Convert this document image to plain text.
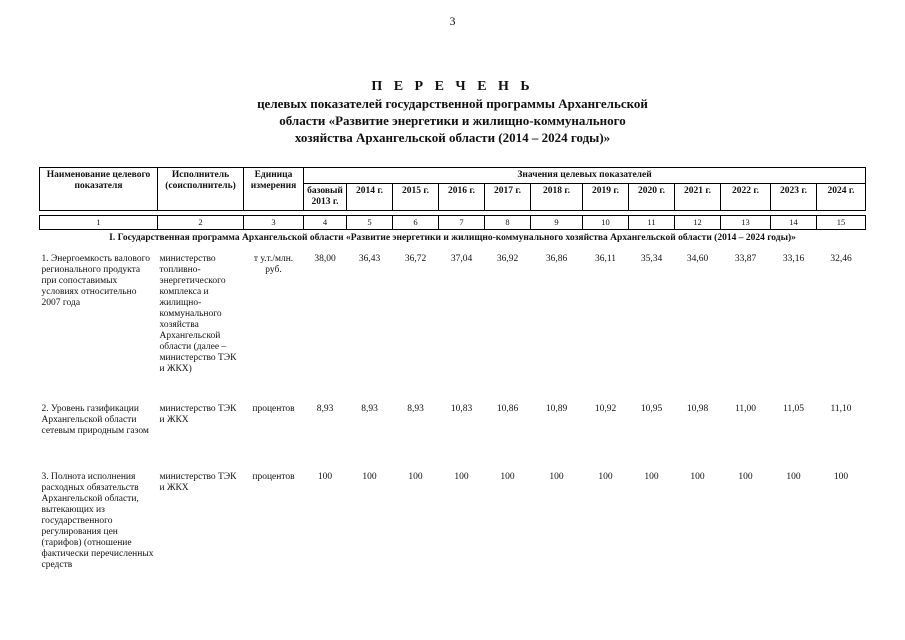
3
П Е Р Е Ч Е Н Ь
целевых показателей государственной программы Архангельской
области «Развитие энергетики и жилищно-коммунального
хозяйства Архангельской области (2014 – 2024 годы)»
Наименование целевого показателя	Исполнитель (соисполнитель)	Единица измерения	Значения целевых показателей											
			базовый 2013 г.	2014 г.	2015 г.	2016 г.	2017 г.	2018 г.	2019 г.	2020 г.	2021 г.	2022 г.	2023 г.	2024 г.

1	2	3	4	5	6	7	8	9	10	11	12	13	14	15
I. Государственная программа Архангельской области «Развитие энергетики и жилищно-коммунального хозяйства Архангельской области (2014 – 2024 годы)»														
1. Энергоемкость валового регионального продукта при сопоставимых условиях относительно 2007 года	министерство топливно-энергетического комплекса и жилищно-коммунального хозяйства Архангельской области (далее – министерство ТЭК и ЖКХ)	т у.т./млн. руб.	38,00	36,43	36,72	37,04	36,92	36,86	36,11	35,34	34,60	33,87	33,16	32,46
2. Уровень газификации Архангельской области сетевым природным газом	министерство ТЭК и ЖКХ	процентов	8,93	8,93	8,93	10,83	10,86	10,89	10,92	10,95	10,98	11,00	11,05	11,10
3. Полнота исполнения расходных обязательств Архангельской области, вытекающих из государственного регулирования цен (тарифов) (отношение фактически перечисленных средств	министерство ТЭК и ЖКХ	процентов	100	100	100	100	100	100	100	100	100	100	100	100
